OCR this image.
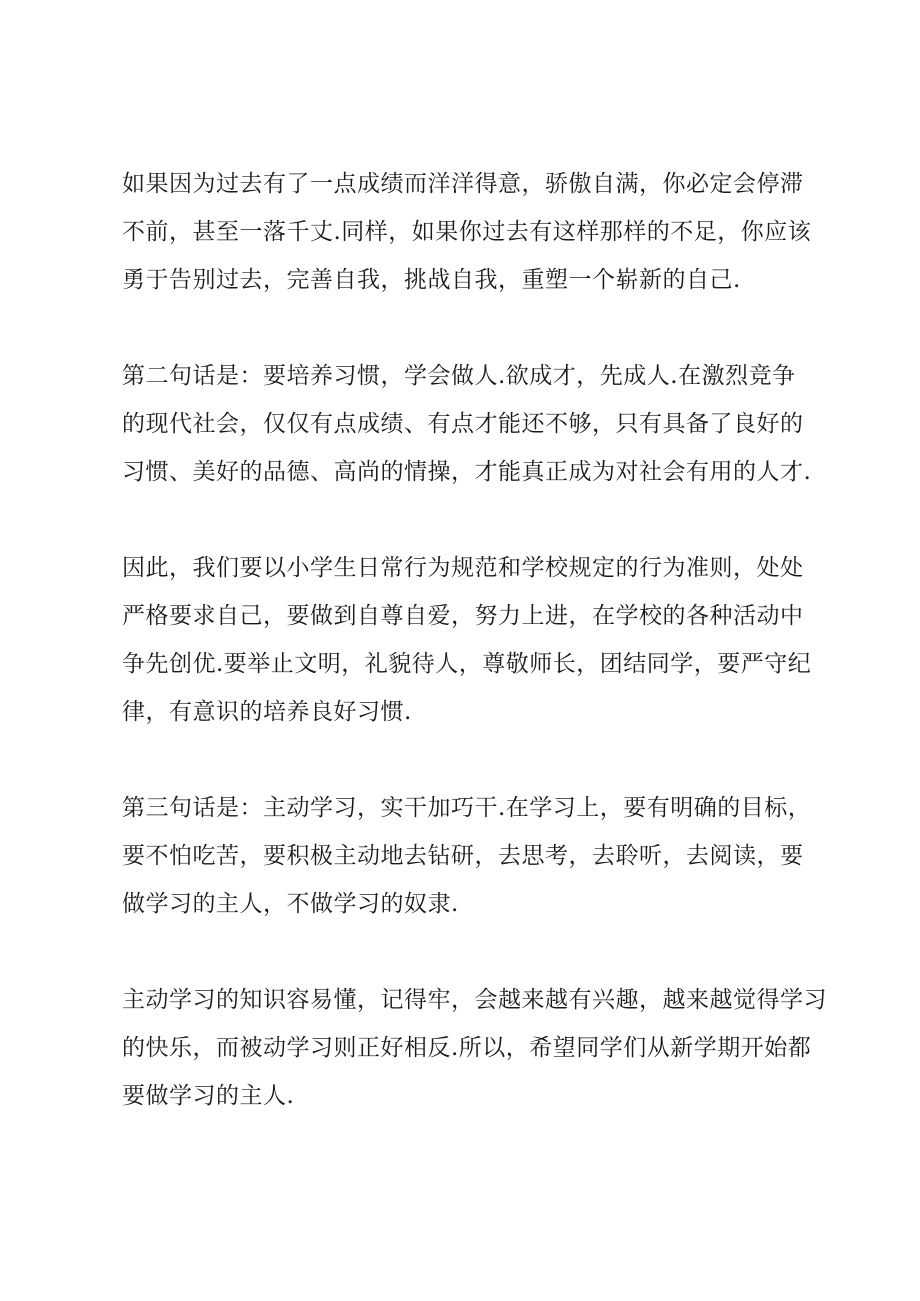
如果因为过去有了一点成绩而洋洋得意，骄傲自满，你必定会停滞
不前，甚至一落千丈.同样，如果你过去有这样那样的不足，你应该
勇于告别过去，完善自我，挑战自我，重塑一个崭新的自己.

第二句话是：要培养习惯，学会做人.欲成才，先成人.在激烈竞争
的现代社会，仅仅有点成绩、有点才能还不够，只有具备了良好的
习惯、美好的品德、高尚的情操，才能真正成为对社会有用的人才.

因此，我们要以小学生日常行为规范和学校规定的行为准则，处处
严格要求自己，要做到自尊自爱，努力上进，在学校的各种活动中
争先创优.要举止文明，礼貌待人，尊敬师长，团结同学，要严守纪
律，有意识的培养良好习惯.

第三句话是：主动学习，实干加巧干.在学习上，要有明确的目标，
要不怕吃苦，要积极主动地去钻研，去思考，去聆听，去阅读，要
做学习的主人，不做学习的奴隶.

主动学习的知识容易懂，记得牢，会越来越有兴趣，越来越觉得学习
的快乐，而被动学习则正好相反.所以，希望同学们从新学期开始都
要做学习的主人.
